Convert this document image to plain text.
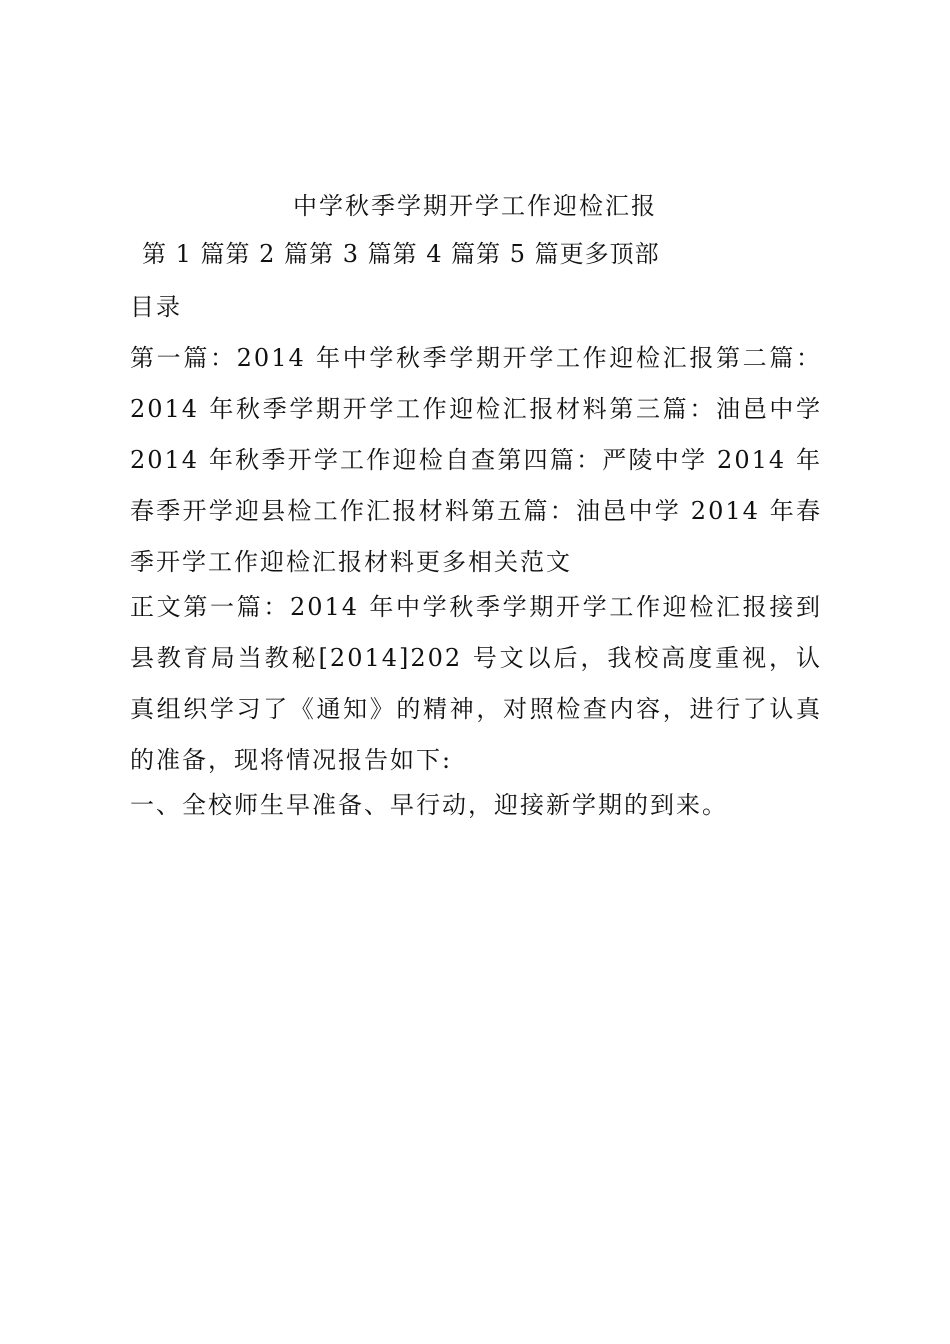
中学秋季学期开学工作迎检汇报
第 1 篇第 2 篇第 3 篇第 4 篇第 5 篇更多顶部
目录
第一篇：2014 年中学秋季学期开学工作迎检汇报第二篇：2014 年秋季学期开学工作迎检汇报材料第三篇：油邑中学 2014 年秋季开学工作迎检自查第四篇：严陵中学 2014 年春季开学迎县检工作汇报材料第五篇：油邑中学 2014 年春季开学工作迎检汇报材料更多相关范文
正文第一篇：2014 年中学秋季学期开学工作迎检汇报接到县教育局当教秘[2014]202 号文以后，我校高度重视，认真组织学习了《通知》的精神，对照检查内容，进行了认真的准备，现将情况报告如下:
一、全校师生早准备、早行动，迎接新学期的到来。
